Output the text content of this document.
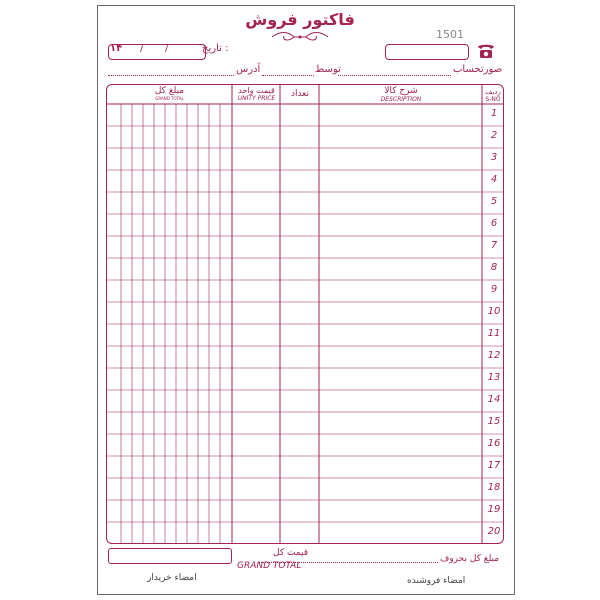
فاکتور فروش
1501
۱۴ / /	تاریخ :
صورتحساب
توسط
آدرس
ردیف
S-NO
شرح کالا
DESCRIPTION
تعداد
قیمت واحد
UNITY PRICE
مبلغ کل
GRAND TOTAL
1
2
3
4
5
6
7
8
9
10
11
12
13
14
15
16
17
18
19
20
قیمت کل
GRAND TOTAL
مبلغ کل بحروف
امضاء فروشنده
امضاء خریدار
